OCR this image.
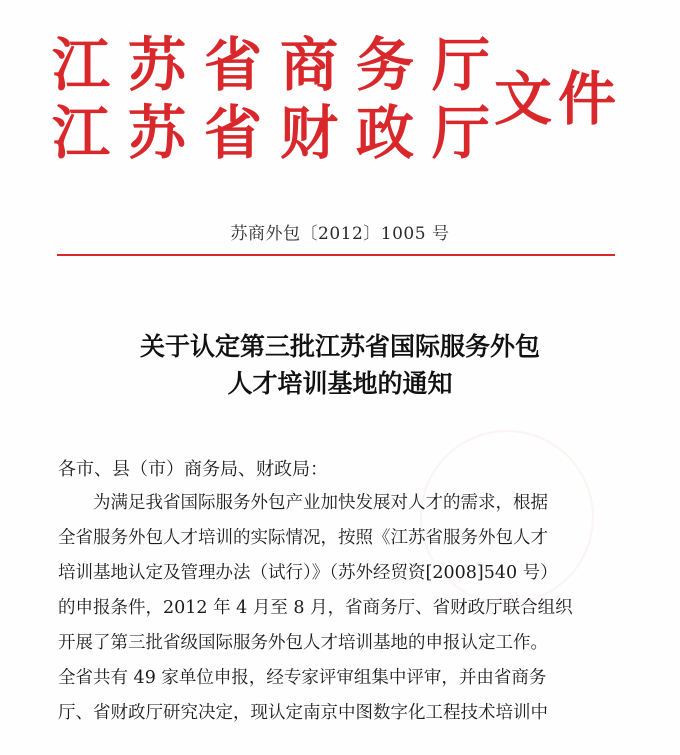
江苏省商务厅
江苏省财政厅
文件
苏商外包〔2012〕1005 号
关于认定第三批江苏省国际服务外包
人才培训基地的通知
各市、县（市）商务局、财政局：
　　为满足我省国际服务外包产业加快发展对人才的需求，根据
全省服务外包人才培训的实际情况，按照《江苏省服务外包人才
培训基地认定及管理办法（试行）》（苏外经贸资[2008]540 号）
的申报条件，2012 年 4 月至 8 月，省商务厅、省财政厅联合组织
开展了第三批省级国际服务外包人才培训基地的申报认定工作。
全省共有 49 家单位申报，经专家评审组集中评审，并由省商务
厅、省财政厅研究决定，现认定南京中图数字化工程技术培训中
